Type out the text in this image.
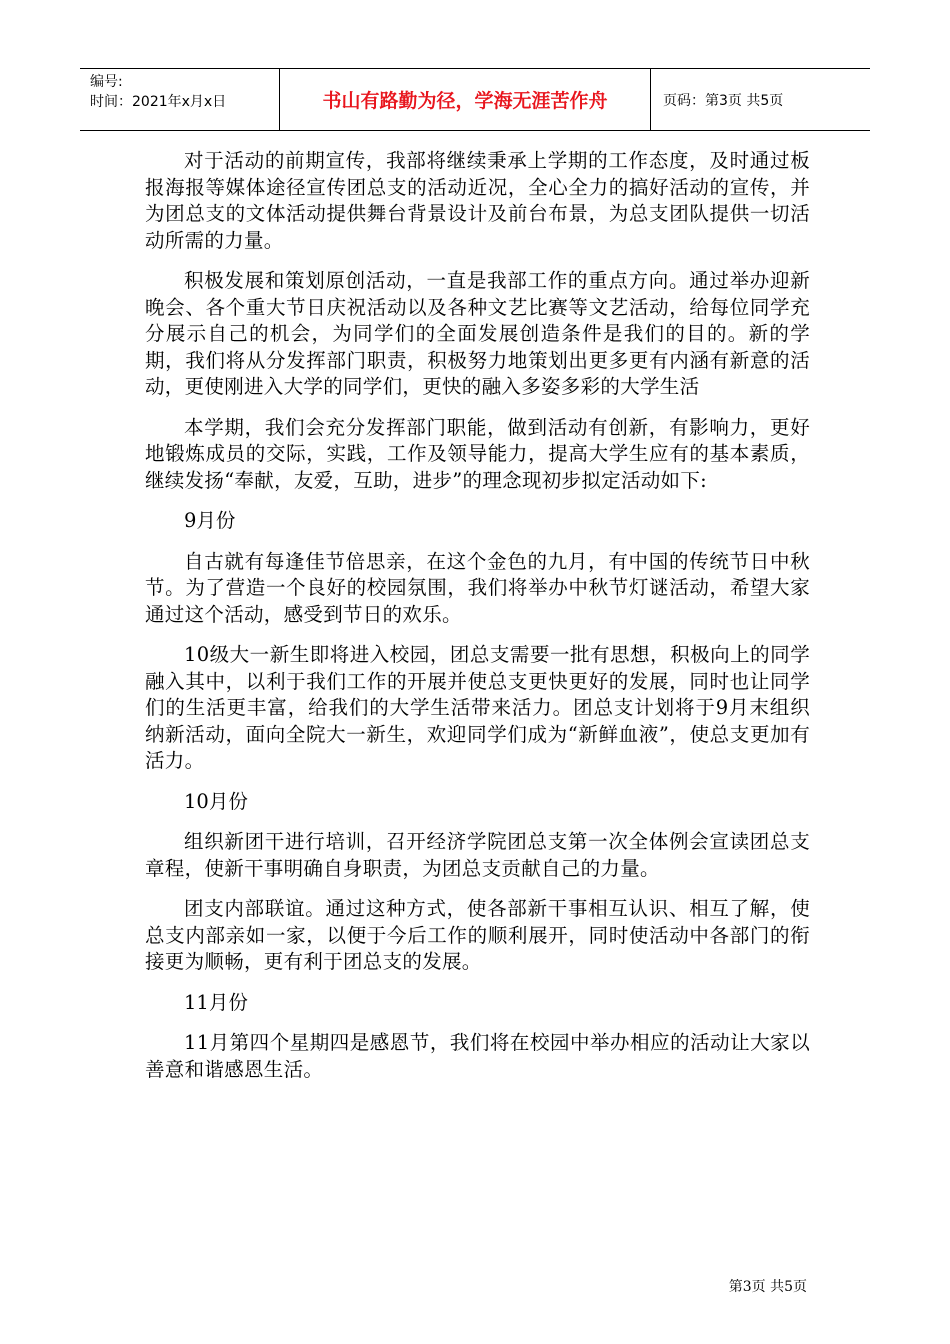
编号:
时间：2021年x月x日	书山有路勤为径，学海无涯苦作舟	页码：第3页 共5页

对于活动的前期宣传，我部将继续秉承上学期的工作态度，及时通过板报海报等媒体途径宣传团总支的活动近况，全心全力的搞好活动的宣传，并为团总支的文体活动提供舞台背景设计及前台布景，为总支团队提供一切活动所需的力量。

积极发展和策划原创活动，一直是我部工作的重点方向。通过举办迎新晚会、各个重大节日庆祝活动以及各种文艺比赛等文艺活动，给每位同学充分展示自己的机会，为同学们的全面发展创造条件是我们的目的。新的学期，我们将从分发挥部门职责，积极努力地策划出更多更有内涵有新意的活动，更使刚进入大学的同学们，更快的融入多姿多彩的大学生活

本学期，我们会充分发挥部门职能，做到活动有创新，有影响力，更好地锻炼成员的交际，实践，工作及领导能力，提高大学生应有的基本素质，继续发扬“奉献，友爱，互助，进步”的理念现初步拟定活动如下:

9月份

自古就有每逢佳节倍思亲，在这个金色的九月，有中国的传统节日中秋节。为了营造一个良好的校园氛围，我们将举办中秋节灯谜活动，希望大家通过这个活动，感受到节日的欢乐。

10级大一新生即将进入校园，团总支需要一批有思想，积极向上的同学融入其中，以利于我们工作的开展并使总支更快更好的发展，同时也让同学们的生活更丰富，给我们的大学生活带来活力。团总支计划将于9月末组织纳新活动，面向全院大一新生，欢迎同学们成为“新鲜血液”，使总支更加有活力。

10月份

组织新团干进行培训，召开经济学院团总支第一次全体例会宣读团总支章程，使新干事明确自身职责，为团总支贡献自己的力量。

团支内部联谊。通过这种方式，使各部新干事相互认识、相互了解，使总支内部亲如一家，以便于今后工作的顺利展开，同时使活动中各部门的衔接更为顺畅，更有利于团总支的发展。

11月份

11月第四个星期四是感恩节，我们将在校园中举办相应的活动让大家以善意和谐感恩生活。

第3页 共5页
